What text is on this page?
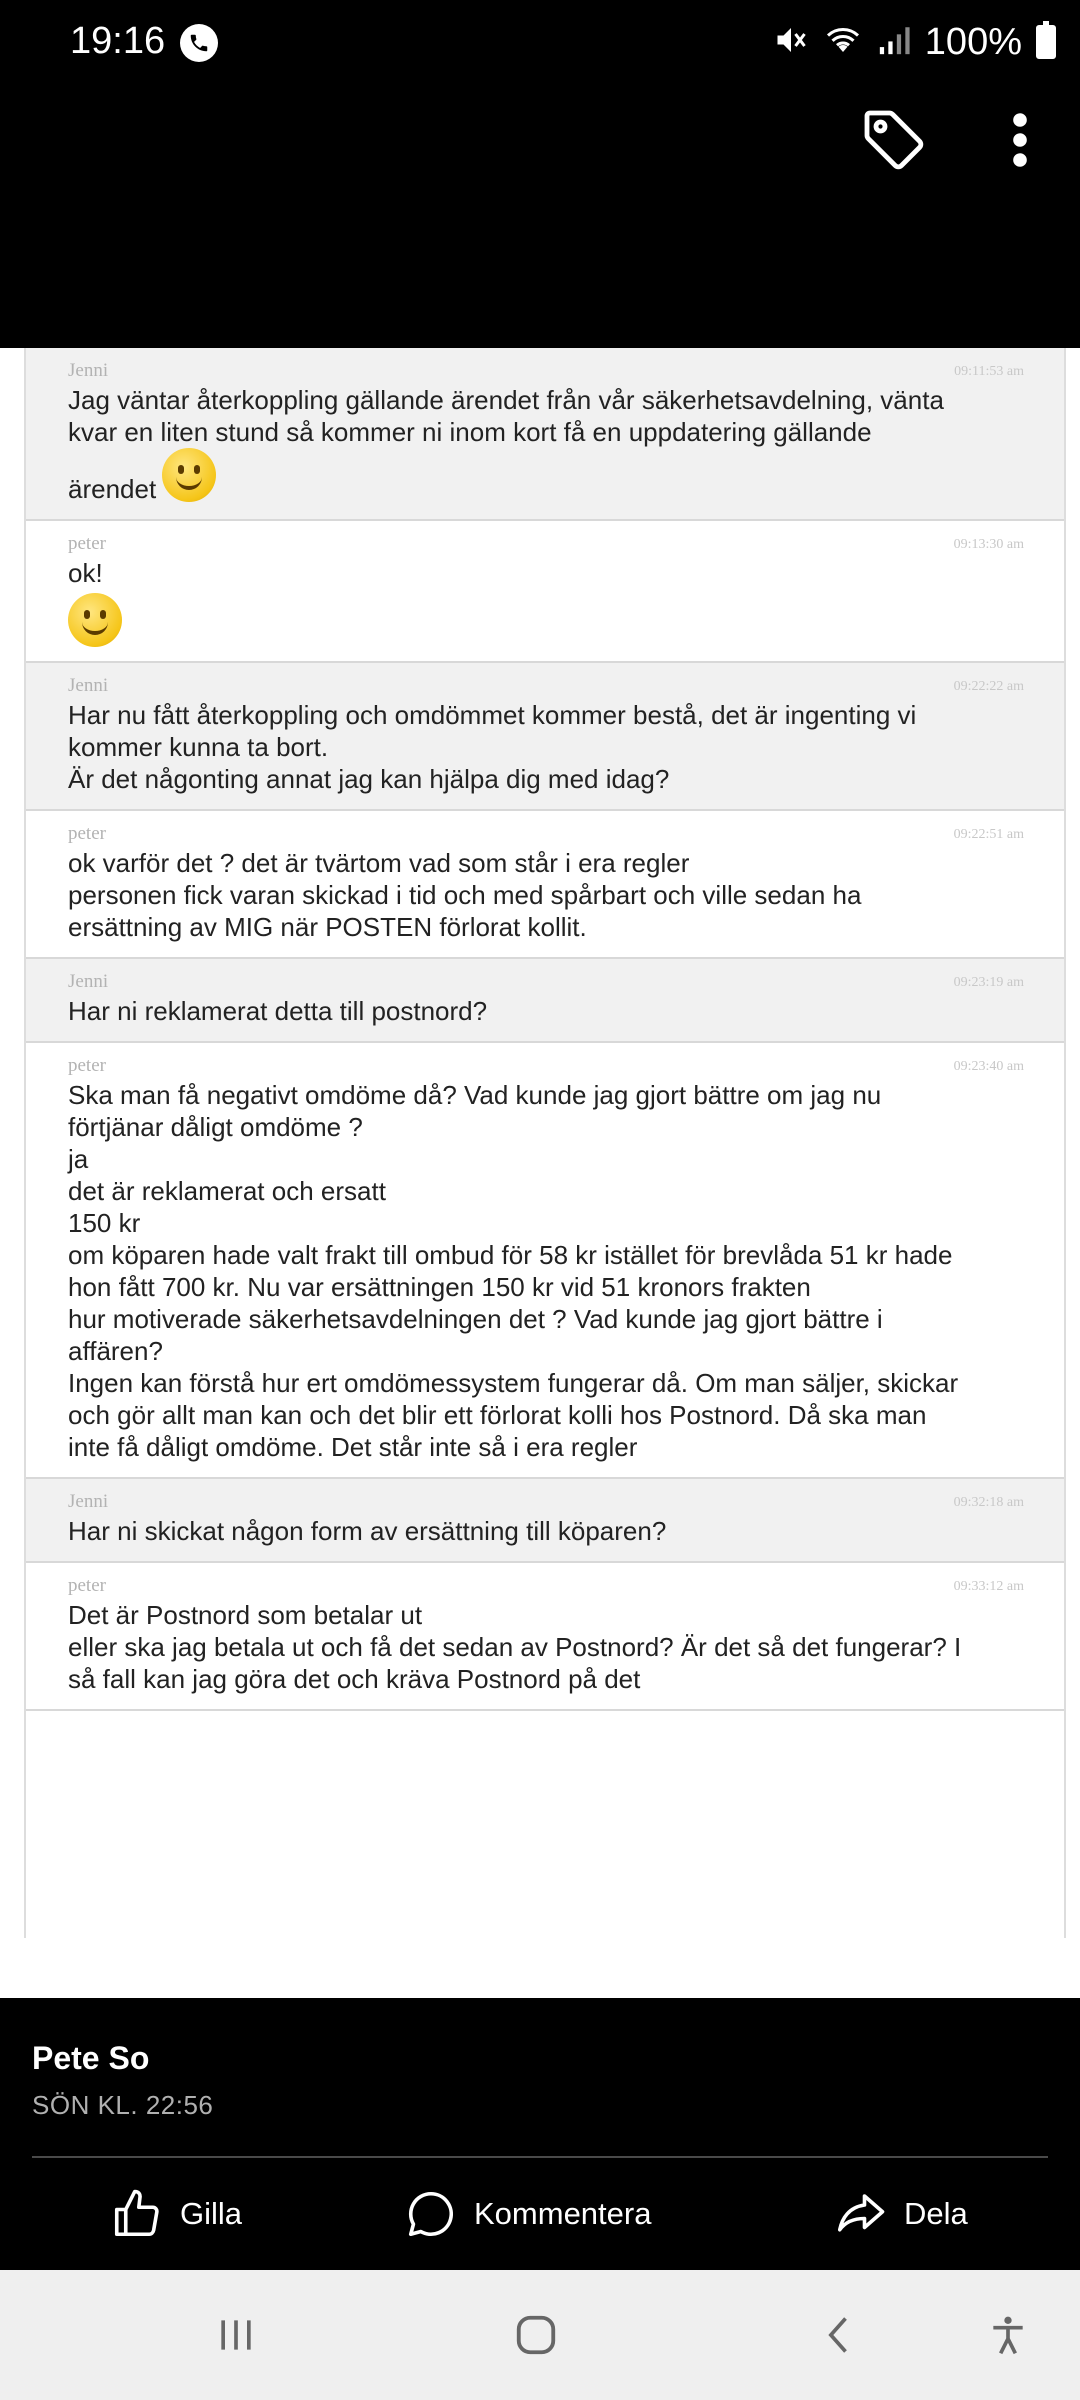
19:16	100%
Jenni	09:11:53 am
Jag väntar återkoppling gällande ärendet från vår säkerhetsavdelning, vänta
kvar en liten stund så kommer ni inom kort få en uppdatering gällande
ärendet
peter	09:13:30 am
ok!
Jenni	09:22:22 am
Har nu fått återkoppling och omdömmet kommer bestå, det är ingenting vi
kommer kunna ta bort.
Är det någonting annat jag kan hjälpa dig med idag?
peter	09:22:51 am
ok varför det ? det är tvärtom vad som står i era regler
personen fick varan skickad i tid och med spårbart och ville sedan ha
ersättning av MIG när POSTEN förlorat kollit.
Jenni	09:23:19 am
Har ni reklamerat detta till postnord?
peter	09:23:40 am
Ska man få negativt omdöme då? Vad kunde jag gjort bättre om jag nu
förtjänar dåligt omdöme ?
ja
det är reklamerat och ersatt
150 kr
om köparen hade valt frakt till ombud för 58 kr istället för brevlåda 51 kr hade
hon fått 700 kr. Nu var ersättningen 150 kr vid 51 kronors frakten
hur motiverade säkerhetsavdelningen det ? Vad kunde jag gjort bättre i
affären?
Ingen kan förstå hur ert omdömessystem fungerar då. Om man säljer, skickar
och gör allt man kan och det blir ett förlorat kolli hos Postnord. Då ska man
inte få dåligt omdöme. Det står inte så i era regler
Jenni	09:32:18 am
Har ni skickat någon form av ersättning till köparen?
peter	09:33:12 am
Det är Postnord som betalar ut
eller ska jag betala ut och få det sedan av Postnord? Är det så det fungerar? I
så fall kan jag göra det och kräva Postnord på det
Pete So
SÖN KL. 22:56
Gilla	Kommentera	Dela
